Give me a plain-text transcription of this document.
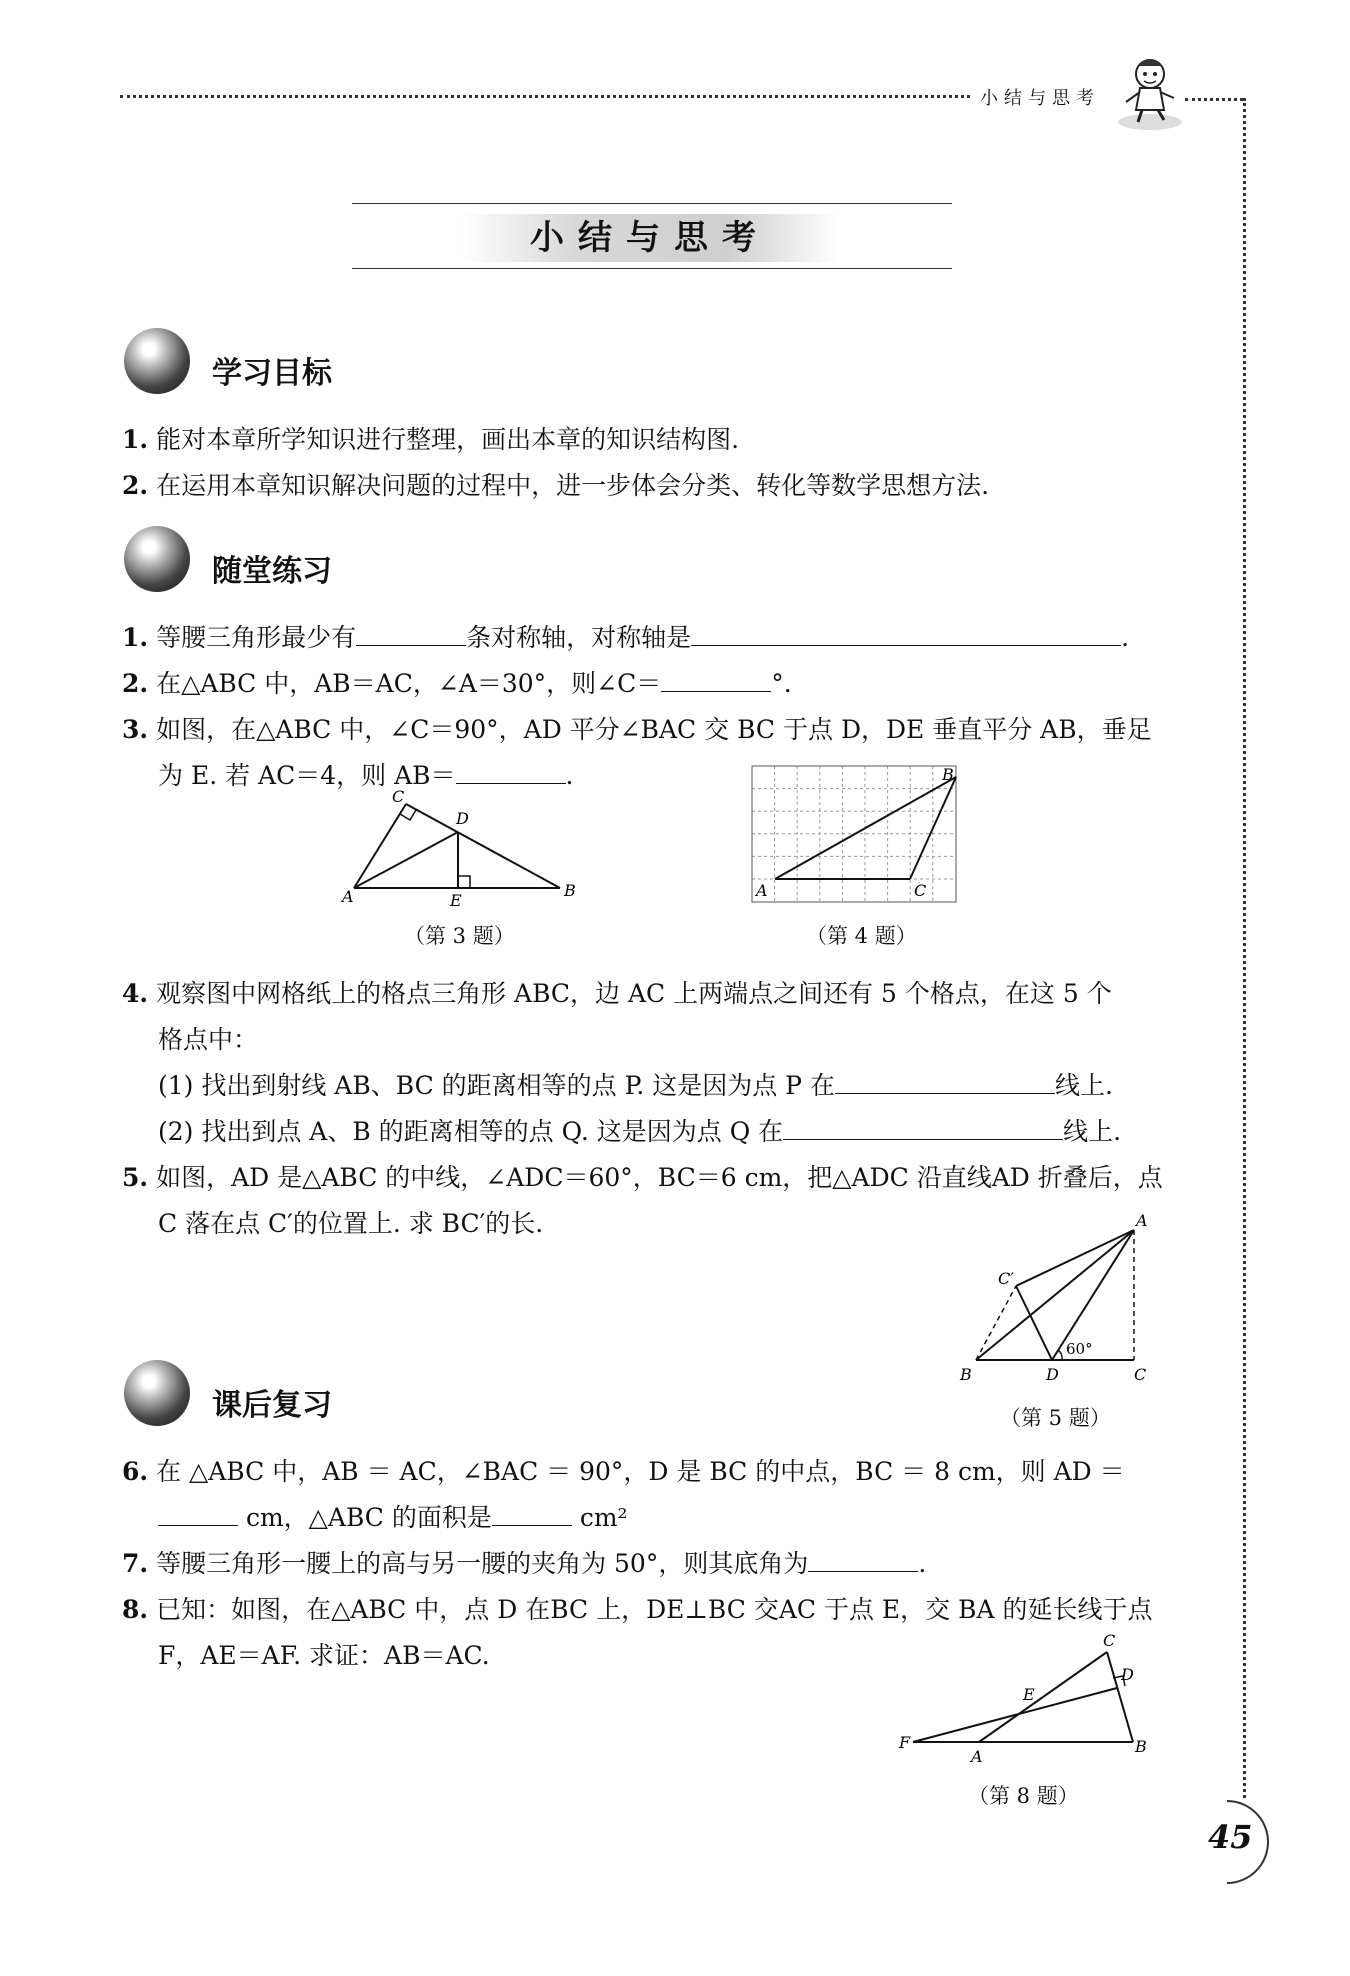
小结与思考
小结与思考
学习目标
1. 能对本章所学知识进行整理，画出本章的知识结构图.
2. 在运用本章知识解决问题的过程中，进一步体会分类、转化等数学思想方法.
随堂练习
1. 等腰三角形最少有	条对称轴，对称轴是	.
2. 在△ABC 中，AB＝AC，∠A＝30°，则∠C＝	°.
3. 如图，在△ABC 中，∠C＝90°，AD 平分∠BAC 交 BC 于点 D，DE 垂直平分 AB，垂足
为 E. 若 AC＝4，则 AB＝	.
A	B
C
D
E
（第 3 题）
A
B
C
（第 4 题）
4. 观察图中网格纸上的格点三角形 ABC，边 AC 上两端点之间还有 5 个格点，在这 5 个
格点中：
(1) 找出到射线 AB、BC 的距离相等的点 P. 这是因为点 P 在	线上.
(2) 找出到点 A、B 的距离相等的点 Q. 这是因为点 Q 在	线上.
5. 如图，AD 是△ABC 的中线，∠ADC＝60°，BC＝6 cm，把△ADC 沿直线AD 折叠后，点
C 落在点 C′的位置上. 求 BC′的长.	A
B	C
C′
D
60°
（第 5 题）
课后复习
6. 在 △ABC 中，AB ＝ AC，∠BAC ＝ 90°，D 是 BC 的中点，BC ＝ 8 cm，则 AD ＝
cm，△ABC 的面积是	cm²
7. 等腰三角形一腰上的高与另一腰的夹角为 50°，则其底角为	.
8. 已知：如图，在△ABC 中，点 D 在BC 上，DE⊥BC 交AC 于点 E，交 BA 的延长线于点
F，AE＝AF. 求证：AB＝AC.
F
A
B
C
D
E
（第 8 题）
45
